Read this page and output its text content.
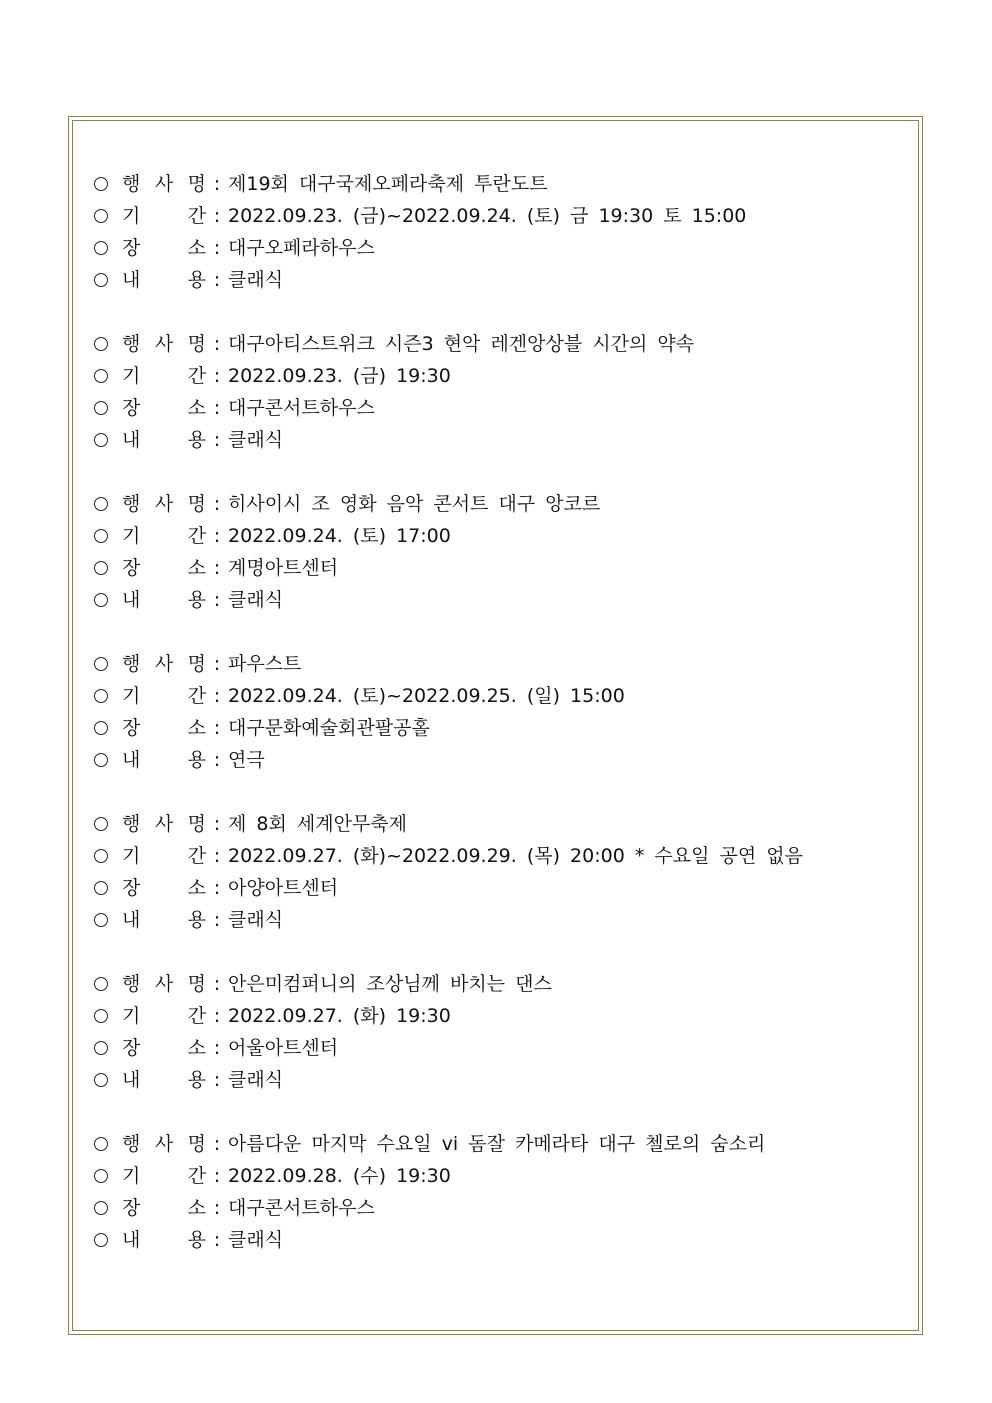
행 사 명 : 제19회 대구국제오페라축제 투란도트
기 간 : 2022.09.23. (금)~2022.09.24. (토) 금 19:30 토 15:00
장 소 : 대구오페라하우스
내 용 : 클래식
행 사 명 : 대구아티스트위크 시즌3 현악 레겐앙상블 시간의 약속
기 간 : 2022.09.23. (금) 19:30
장 소 : 대구콘서트하우스
내 용 : 클래식
행 사 명 : 히사이시 조 영화 음악 콘서트 대구 앙코르
기 간 : 2022.09.24. (토) 17:00
장 소 : 계명아트센터
내 용 : 클래식
행 사 명 : 파우스트
기 간 : 2022.09.24. (토)~2022.09.25. (일) 15:00
장 소 : 대구문화예술회관팔공홀
내 용 : 연극
행 사 명 : 제 8회 세계안무축제
기 간 : 2022.09.27. (화)~2022.09.29. (목) 20:00 * 수요일 공연 없음
장 소 : 아양아트센터
내 용 : 클래식
행 사 명 : 안은미컴퍼니의 조상님께 바치는 댄스
기 간 : 2022.09.27. (화) 19:30
장 소 : 어울아트센터
내 용 : 클래식
행 사 명 : 아름다운 마지막 수요일 vi 돔잘 카메라타 대구 첼로의 숨소리
기 간 : 2022.09.28. (수) 19:30
장 소 : 대구콘서트하우스
내 용 : 클래식
